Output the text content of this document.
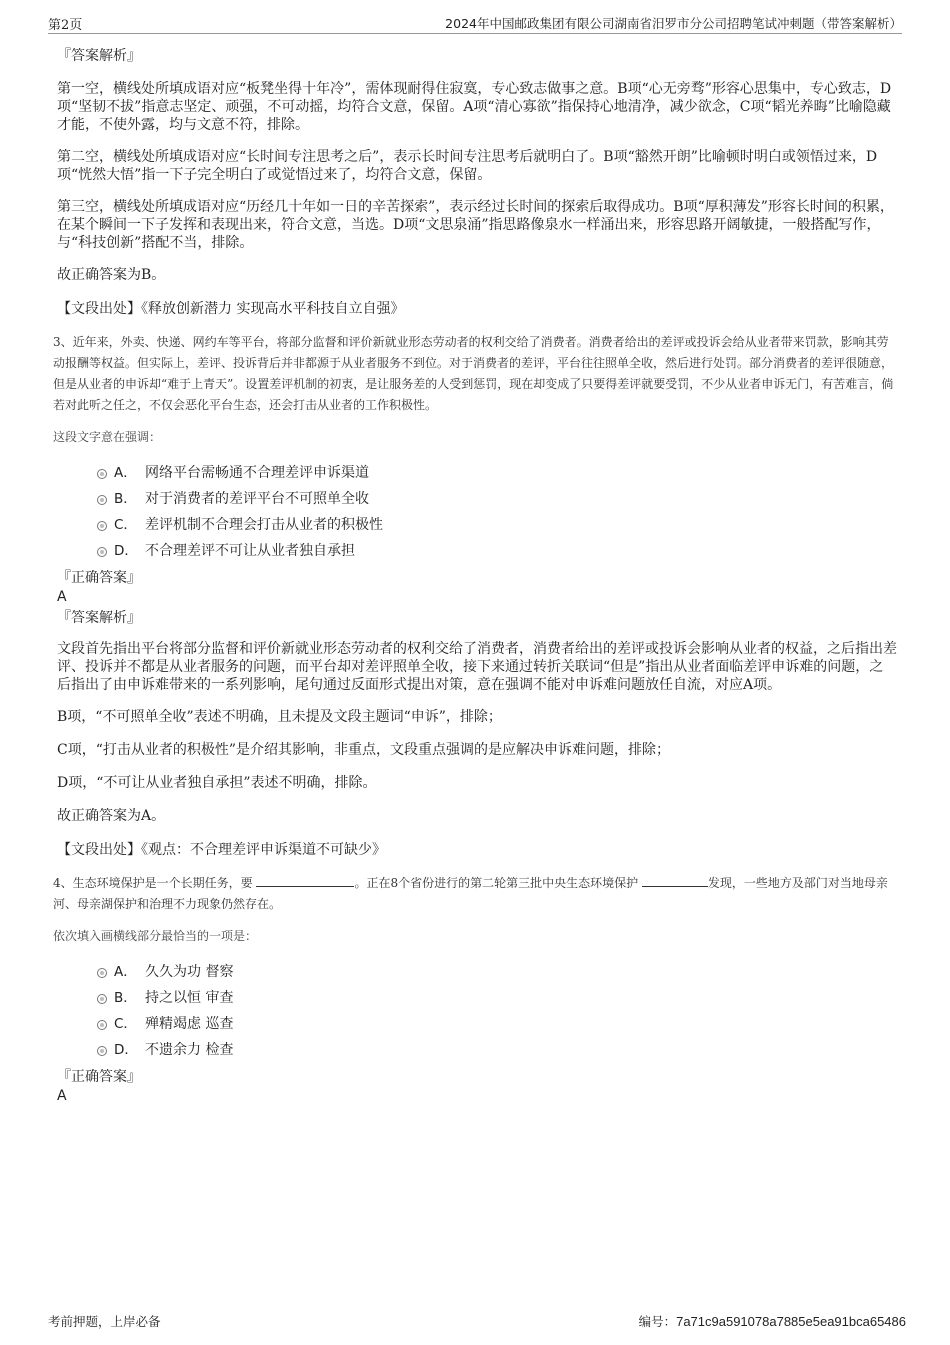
第2页	2024年中国邮政集团有限公司湖南省汨罗市分公司招聘笔试冲刺题（带答案解析）

『答案解析』

第一空，横线处所填成语对应“板凳坐得十年冷”，需体现耐得住寂寞，专心致志做事之意。B项“心无旁骛”形容心思集中，专心致志，D项“坚韧不拔”指意志坚定、顽强，不可动摇，均符合文意，保留。A项“清心寡欲”指保持心地清净，减少欲念，C项“韬光养晦”比喻隐藏才能，不使外露，均与文意不符，排除。

第二空，横线处所填成语对应“长时间专注思考之后”，表示长时间专注思考后就明白了。B项“豁然开朗”比喻顿时明白或领悟过来，D项“恍然大悟”指一下子完全明白了或觉悟过来了，均符合文意，保留。

第三空，横线处所填成语对应“历经几十年如一日的辛苦探索”，表示经过长时间的探索后取得成功。B项“厚积薄发”形容长时间的积累，在某个瞬间一下子发挥和表现出来，符合文意，当选。D项“文思泉涌”指思路像泉水一样涌出来，形容思路开阔敏捷，一般搭配写作，与“科技创新”搭配不当，排除。

故正确答案为B。

【文段出处】《释放创新潜力 实现高水平科技自立自强》

3、近年来，外卖、快递、网约车等平台，将部分监督和评价新就业形态劳动者的权利交给了消费者。消费者给出的差评或投诉会给从业者带来罚款，影响其劳动报酬等权益。但实际上，差评、投诉背后并非都源于从业者服务不到位。对于消费者的差评，平台往往照单全收，然后进行处罚。部分消费者的差评很随意，但是从业者的申诉却“难于上青天”。设置差评机制的初衷，是让服务差的人受到惩罚，现在却变成了只要得差评就要受罚，不少从业者申诉无门，有苦难言，倘若对此听之任之，不仅会恶化平台生态，还会打击从业者的工作积极性。

这段文字意在强调：

A． 网络平台需畅通不合理差评申诉渠道
B． 对于消费者的差评平台不可照单全收
C． 差评机制不合理会打击从业者的积极性
D． 不合理差评不可让从业者独自承担

『正确答案』

A

『答案解析』

文段首先指出平台将部分监督和评价新就业形态劳动者的权利交给了消费者，消费者给出的差评或投诉会影响从业者的权益，之后指出差评、投诉并不都是从业者服务的问题，而平台却对差评照单全收，接下来通过转折关联词“但是”指出从业者面临差评申诉难的问题，之后指出了由申诉难带来的一系列影响，尾句通过反面形式提出对策，意在强调不能对申诉难问题放任自流，对应A项。

B项，“不可照单全收”表述不明确，且未提及文段主题词“申诉”，排除；

C项，“打击从业者的积极性”是介绍其影响，非重点，文段重点强调的是应解决申诉难问题，排除；

D项，“不可让从业者独自承担”表述不明确，排除。

故正确答案为A。

【文段出处】《观点：不合理差评申诉渠道不可缺少》

4、生态环境保护是一个长期任务，要	。正在8个省份进行的第二轮第三批中央生态环境保护	发现，一些地方及部门对当地母亲河、母亲湖保护和治理不力现象仍然存在。

依次填入画横线部分最恰当的一项是：

A． 久久为功 督察
B． 持之以恒 审查
C． 殚精竭虑 巡查
D． 不遗余力 检查

『正确答案』

A

考前押题，上岸必备	编号：7a71c9a591078a7885e5ea91bca65486
